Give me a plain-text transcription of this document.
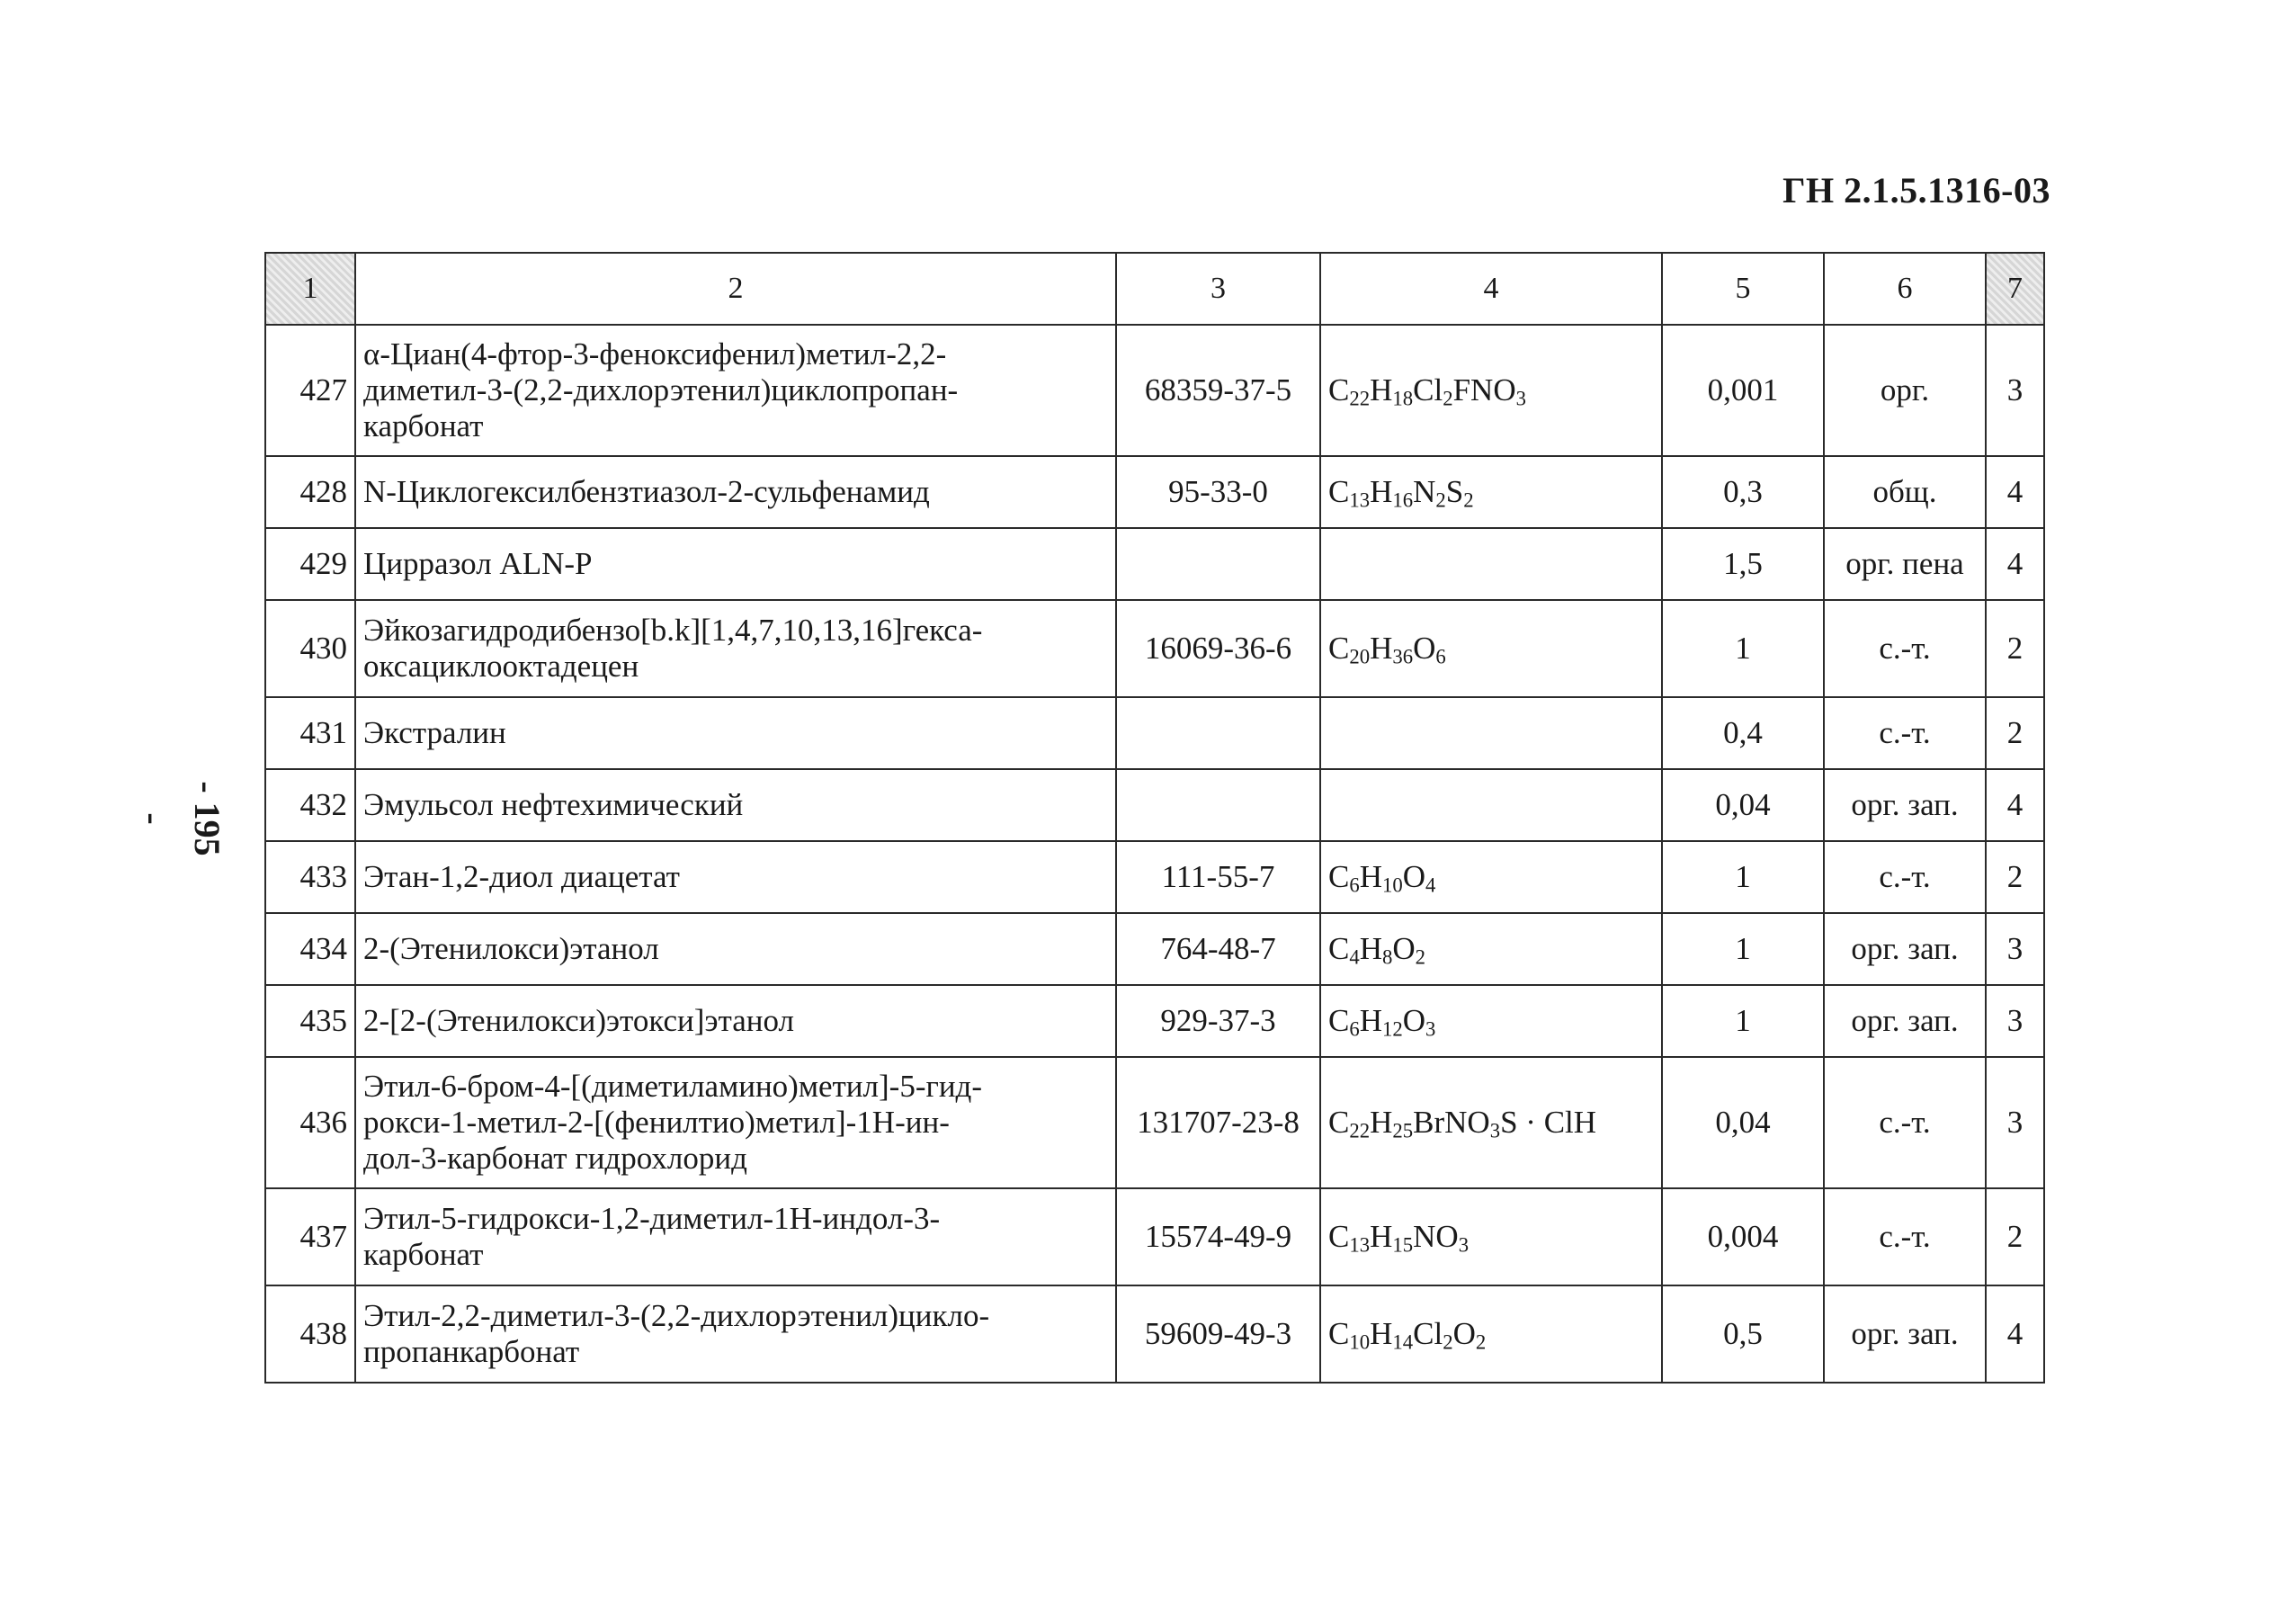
ГН 2.1.5.1316-03
- 195 -
1	2	3	4	5	6	7
427	α-Циан(4-фтор-3-феноксифенил)метил-2,2-
диметил-3-(2,2-дихлорэтенил)циклопропан-
карбонат	68359-37-5	$C_{22}H_{18}Cl_2FNO_3$	0,001	орг.	3
428	N-Циклогексилбензтиазол-2-сульфенамид	95-33-0	$C_{13}H_{16}N_2S_2$	0,3	общ.	4
429	Цирразол ALN-P			1,5	орг. пена	4
430	Эйкозагидродибензо[b.k][1,4,7,10,13,16]гекса-
оксациклооктадецен	16069-36-6	$C_{20}H_{36}O_6$	1	с.-т.	2
431	Экстралин			0,4	с.-т.	2
432	Эмульсол нефтехимический			0,04	орг. зап.	4
433	Этан-1,2-диол диацетат	111-55-7	$C_6H_{10}O_4$	1	с.-т.	2
434	2-(Этенилокси)этанол	764-48-7	$C_4H_8O_2$	1	орг. зап.	3
435	2-[2-(Этенилокси)этокси]этанол	929-37-3	$C_6H_{12}O_3$	1	орг. зап.	3
436	Этил-6-бром-4-[(диметиламино)метил]-5-гид-
рокси-1-метил-2-[(фенилтио)метил]-1Н-ин-
дол-3-карбонат гидрохлорид	131707-23-8	$C_{22}H_{25}BrNO_3S$ · ClH	0,04	с.-т.	3
437	Этил-5-гидрокси-1,2-диметил-1Н-индол-3-
карбонат	15574-49-9	$C_{13}H_{15}NO_3$	0,004	с.-т.	2
438	Этил-2,2-диметил-3-(2,2-дихлорэтенил)цикло-
пропанкарбонат	59609-49-3	$C_{10}H_{14}Cl_2O_2$	0,5	орг. зап.	4
